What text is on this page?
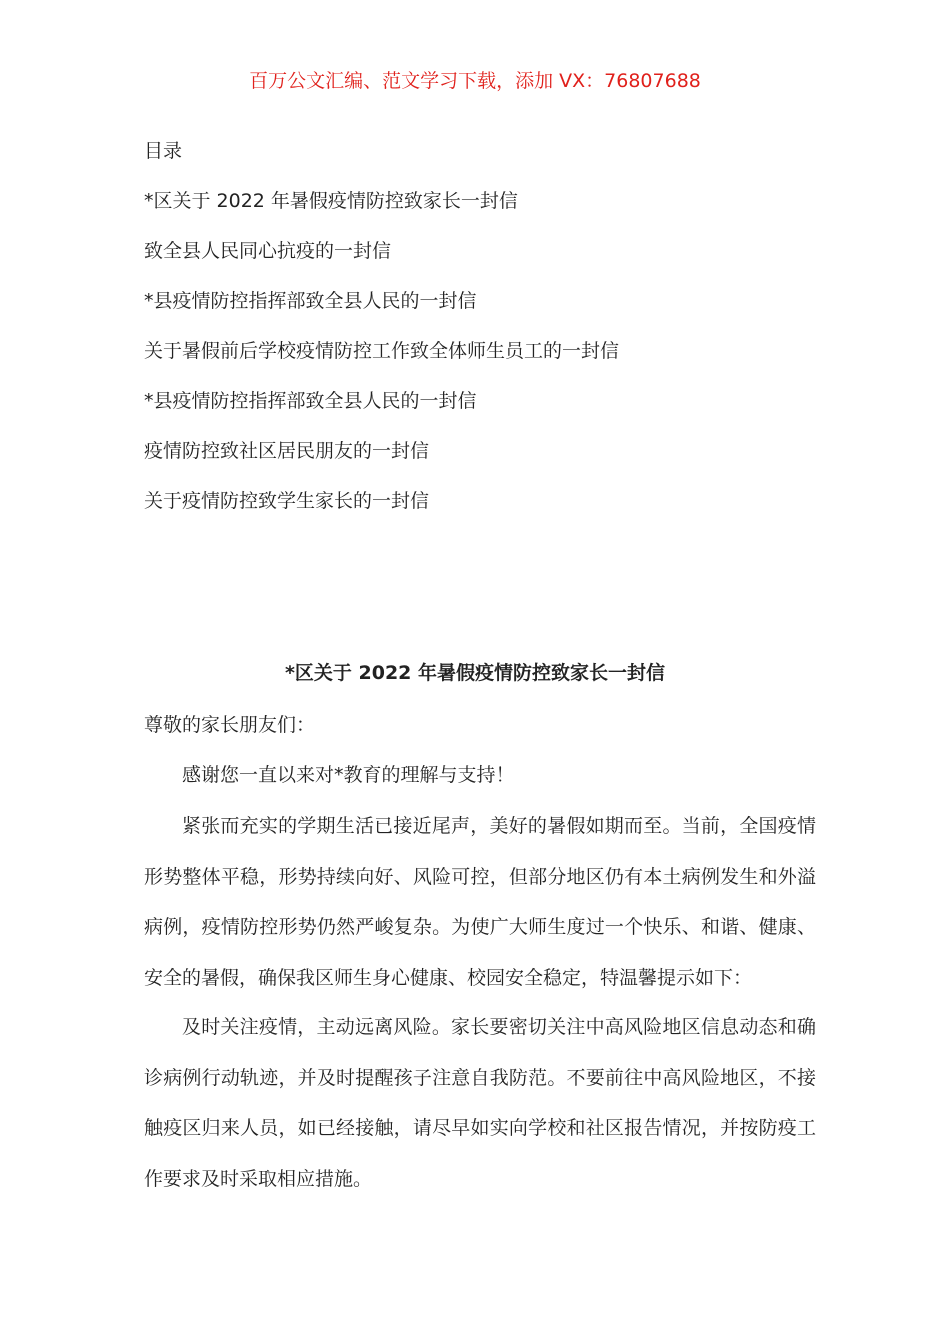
百万公文汇编、范文学习下载，添加 VX：76807688
目录
*区关于 2022 年暑假疫情防控致家长一封信
致全县人民同心抗疫的一封信
*县疫情防控指挥部致全县人民的一封信
关于暑假前后学校疫情防控工作致全体师生员工的一封信
*县疫情防控指挥部致全县人民的一封信
疫情防控致社区居民朋友的一封信
关于疫情防控致学生家长的一封信
*区关于 2022 年暑假疫情防控致家长一封信
尊敬的家长朋友们：

感谢您一直以来对*教育的理解与支持！

紧张而充实的学期生活已接近尾声，美好的暑假如期而至。当前，全国疫情形势整体平稳，形势持续向好、风险可控，但部分地区仍有本土病例发生和外溢病例，疫情防控形势仍然严峻复杂。为使广大师生度过一个快乐、和谐、健康、安全的暑假，确保我区师生身心健康、校园安全稳定，特温馨提示如下：

及时关注疫情，主动远离风险。家长要密切关注中高风险地区信息动态和确诊病例行动轨迹，并及时提醒孩子注意自我防范。不要前往中高风险地区，不接触疫区归来人员，如已经接触，请尽早如实向学校和社区报告情况，并按防疫工作要求及时采取相应措施。
